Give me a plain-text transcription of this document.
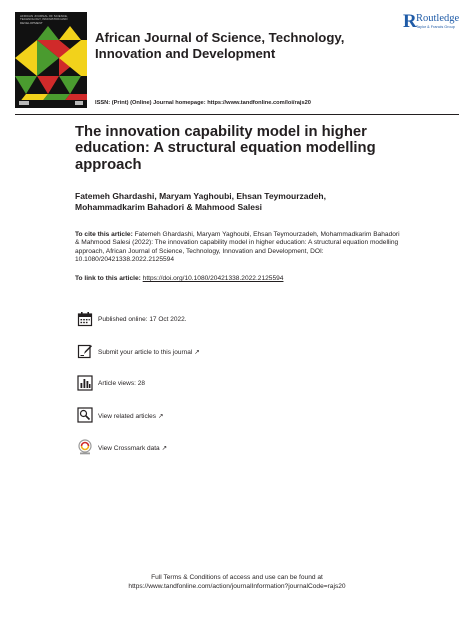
AFRICAN JOURNAL OF SCIENCE, TECHNOLOGY, INNOVATION AND DEVELOPMENT
African Journal of Science, Technology, Innovation and Development
R Routledge
Taylor & Francis Group
ISSN: (Print) (Online) Journal homepage: https://www.tandfonline.com/loi/rajs20
The innovation capability model in higher education: A structural equation modelling approach
Fatemeh Ghardashi, Maryam Yaghoubi, Ehsan Teymourzadeh, Mohammadkarim Bahadori & Mahmood Salesi
To cite this article: Fatemeh Ghardashi, Maryam Yaghoubi, Ehsan Teymourzadeh, Mohammadkarim Bahadori & Mahmood Salesi (2022): The innovation capability model in higher education: A structural equation modelling approach, African Journal of Science, Technology, Innovation and Development, DOI: 10.1080/20421338.2022.2125594
To link to this article: https://doi.org/10.1080/20421338.2022.2125594
Published online: 17 Oct 2022.
Submit your article to this journal ↗
Article views: 28
View related articles ↗
View Crossmark data ↗
Full Terms & Conditions of access and use can be found at
https://www.tandfonline.com/action/journalInformation?journalCode=rajs20
